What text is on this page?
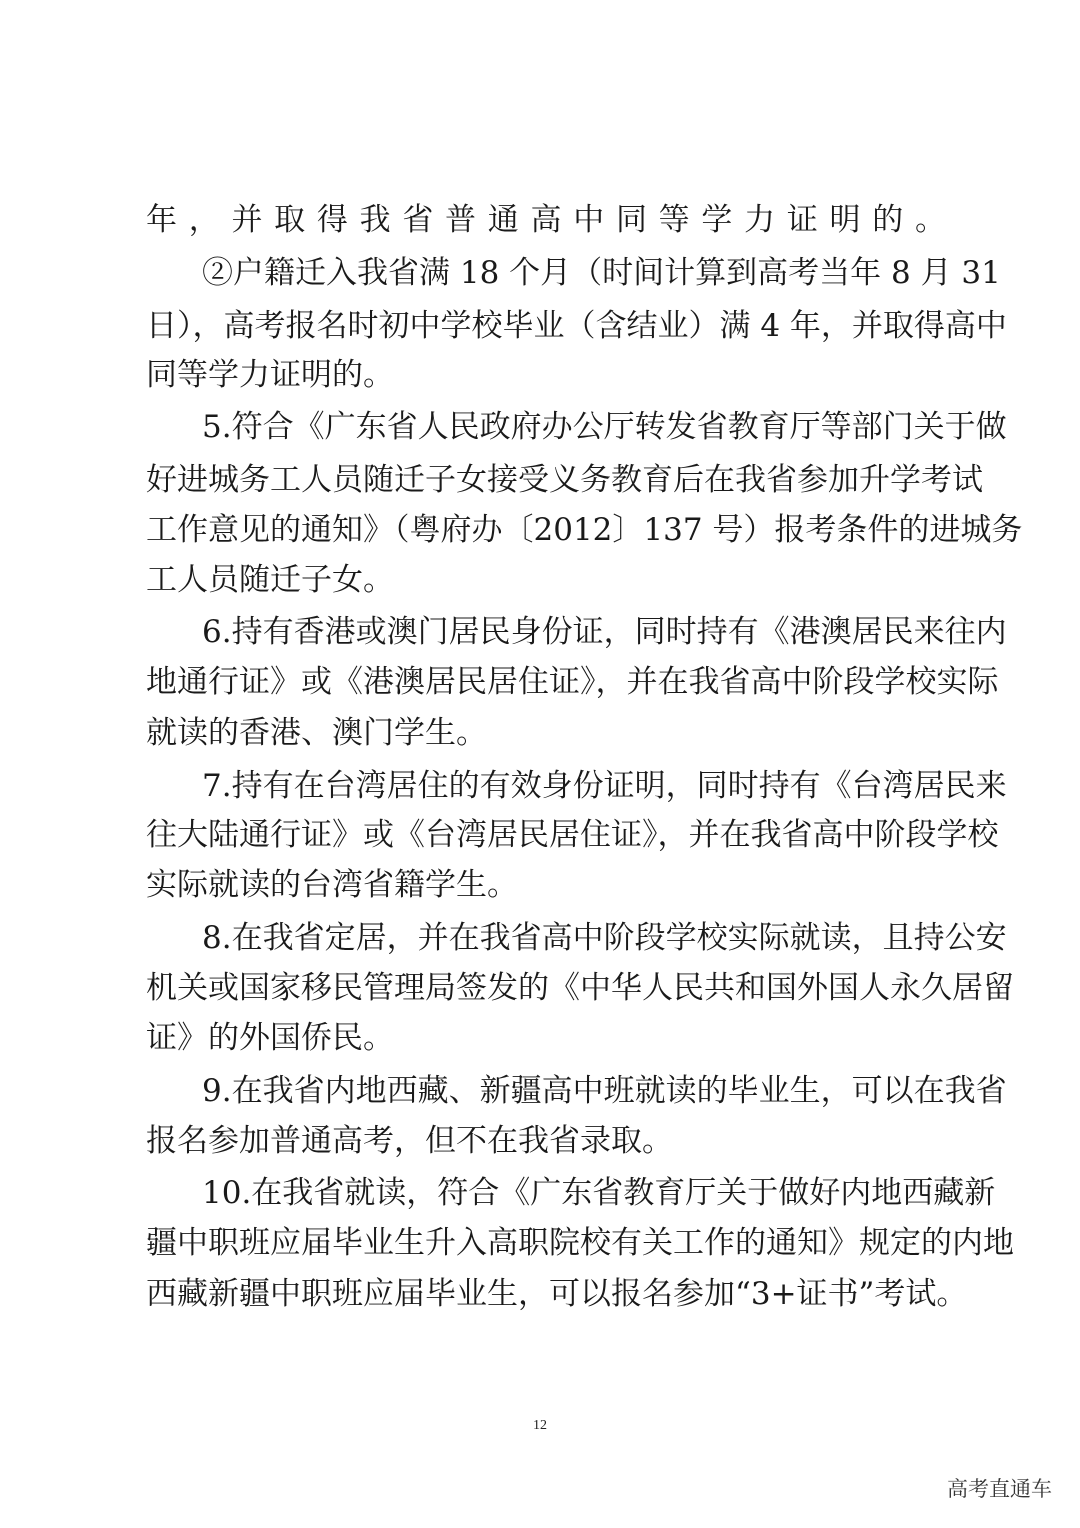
年，并取得我省普通高中同等学力证明的。
②户籍迁入我省满 18 个月（时间计算到高考当年 8 月 31
日），高考报名时初中学校毕业（含结业）满 4 年，并取得高中
同等学力证明的。
5.符合《广东省人民政府办公厅转发省教育厅等部门关于做
好进城务工人员随迁子女接受义务教育后在我省参加升学考试
工作意见的通知》（粤府办〔2012〕137 号）报考条件的进城务
工人员随迁子女。
6.持有香港或澳门居民身份证，同时持有《港澳居民来往内
地通行证》或《港澳居民居住证》，并在我省高中阶段学校实际
就读的香港、澳门学生。
7.持有在台湾居住的有效身份证明，同时持有《台湾居民来
往大陆通行证》或《台湾居民居住证》，并在我省高中阶段学校
实际就读的台湾省籍学生。
8.在我省定居，并在我省高中阶段学校实际就读，且持公安
机关或国家移民管理局签发的《中华人民共和国外国人永久居留
证》的外国侨民。
9.在我省内地西藏、新疆高中班就读的毕业生，可以在我省
报名参加普通高考，但不在我省录取。
10.在我省就读，符合《广东省教育厅关于做好内地西藏新
疆中职班应届毕业生升入高职院校有关工作的通知》规定的内地
西藏新疆中职班应届毕业生，可以报名参加“3+证书”考试。
12
高考直通车
